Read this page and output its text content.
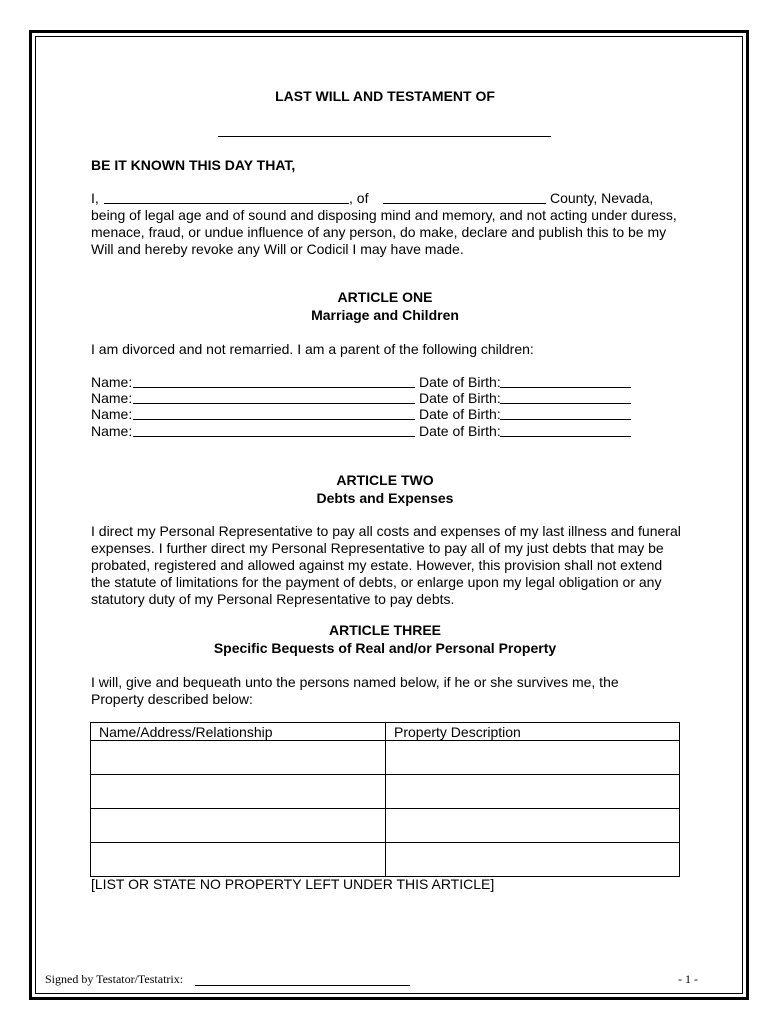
LAST WILL AND TESTAMENT OF
BE IT KNOWN THIS DAY THAT,
I,	, of	County, Nevada,
being of legal age and of sound and disposing mind and memory, and not acting under duress,
menace, fraud, or undue influence of any person, do make, declare and publish this to be my
Will and hereby revoke any Will or Codicil I may have made.
ARTICLE ONE
Marriage and Children
I am divorced and not remarried. I am a parent of the following children:
Name:	Date of Birth:
Name:	Date of Birth:
Name:	Date of Birth:
Name:	Date of Birth:
ARTICLE TWO
Debts and Expenses
I direct my Personal Representative to pay all costs and expenses of my last illness and funeral
expenses. I further direct my Personal Representative to pay all of my just debts that may be
probated, registered and allowed against my estate. However, this provision shall not extend
the statute of limitations for the payment of debts, or enlarge upon my legal obligation or any
statutory duty of my Personal Representative to pay debts.
ARTICLE THREE
Specific Bequests of Real and/or Personal Property
I will, give and bequeath unto the persons named below, if he or she survives me, the
Property described below:
Name/Address/Relationship	Property Description

[LIST OR STATE NO PROPERTY LEFT UNDER THIS ARTICLE]
Signed by Testator/Testatrix:	- 1 -
